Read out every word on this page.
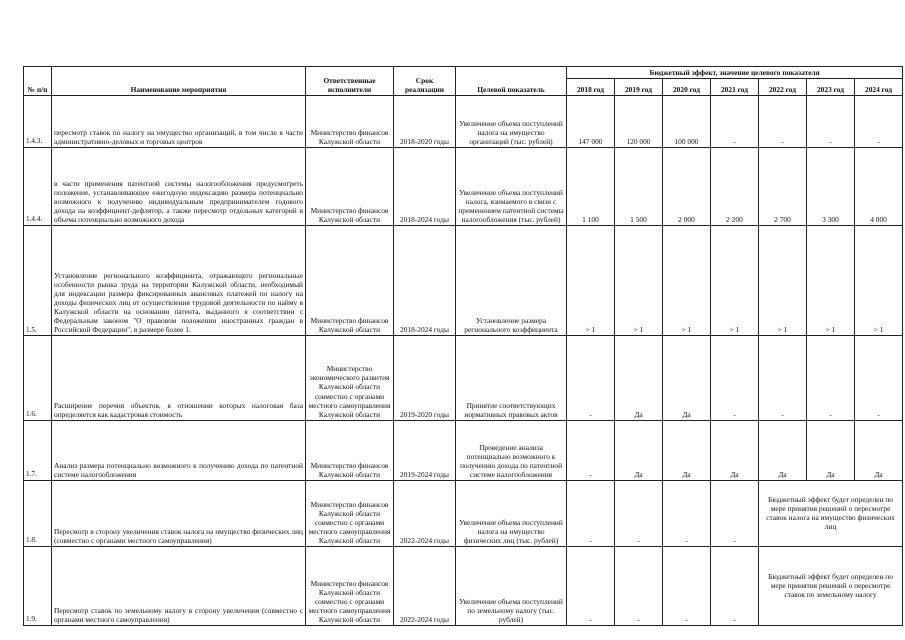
№ п/п	Наименование мероприятия	Ответственные исполнители	Срок реализации	Целевой показатель	Бюджетный эффект, значение целевого показателя						
					2018 год	2019 год	2020 год	2021 год	2022 год	2023 год	2024 год
1.4.3.	пересмотр ставок по налогу на имущество организаций, в том числе в части административно-деловых и торговых центров	Министерство финансов Калужской области	2018-2020 годы	Увеличение объема поступлений налога на имущество организаций (тыс. рублей)	147 000	120 000	100 000	-	-	-	-
1.4.4.	в части применения патентной системы налогообложения предусмотреть положение, устанавливающее ежегодную индексацию размера потенциально возможного к получению индивидуальным предпринимателем годового дохода на коэффициент-дефлятор, а также пересмотр отдельных категорий в объема потенциально возможного дохода	Министерство финансов Калужской области	2018-2024 годы	Увеличение объема поступлений налога, взимаемого в связи с применением патентной системы налогообложения (тыс. рублей)	1 100	1 500	2 000	2 200	2 700	3 300	4 000
1.5.	Установление регионального коэффициента, отражающего региональные особенности рынка труда на территории Калужской области, необходимый для индексации размера фиксированных авансовых платежей по налогу на доходы физических лиц от осуществления трудовой деятельности по найму в Калужской области на основании патента, выданного в соответствии с Федеральным законом "О правовом положении иностранных граждан в Российской Федерации", в размере более 1.	Министерство финансов Калужской области	2018-2024 годы	Установление размера регионального коэффициента	> 1	> 1	> 1	> 1	> 1	> 1	> 1
1.6.	Расширение перечня объектов, в отношении которых налоговая база определяется как кадастровая стоимость	Министерство экономического развития Калужской области совместно с органами местного самоуправления Калужской области	2019-2020 годы	Принятие соответствующих нормативных правовых актов	-	Да	Да	-	-	-	-
1.7.	Анализ размера потенциально возможного к получению дохода по патентной системе налогообложения	Министерство финансов Калужской области	2019-2024 годы	Проведение анализа потенциально возможного к получению дохода по патентной системе налогообложения	-	Да	Да	Да	Да	Да	Да
1.8.	Пересмотр в сторону увеличения ставок налога на имущество физических лиц (совместно с органами местного самоуправления)	Министерство финансов Калужской области совместно с органами местного самоуправления Калужской области	2022-2024 годы	Увеличение объема поступлений налога на имущество физических лиц (тыс. рублей)	-	-	-	-	Бюджетный эффект будет определен по мере принятия решений о пересмотре ставок налога на имущество физических лиц		
1.9.	Пересмотр ставок по земельному налогу в сторону увеличения (совместно с органами местного самоуправления)	Министерство финансов Калужской области совместно с органами местного самоуправления Калужской области	2022-2024 годы	Увеличение объема поступлений по земельному налогу (тыс. рублей)	-	-	-	-	Бюджетный эффект будет определен по мере принятия решений о пересмотре ставок по земельному налогу		
